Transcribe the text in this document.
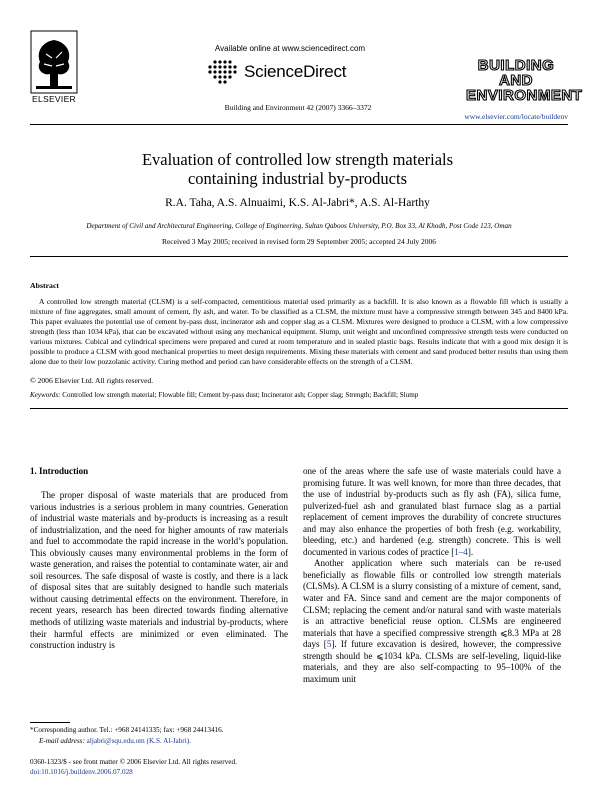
ELSEVIER
Available online at www.sciencedirect.com
ScienceDirect
Building and Environment 42 (2007) 3366–3372
BUILDING AND
ENVIRONMENT
www.elsevier.com/locate/buildenv
Evaluation of controlled low strength materials
containing industrial by-products
R.A. Taha, A.S. Alnuaimi, K.S. Al-Jabri*, A.S. Al-Harthy
Department of Civil and Architectural Engineering, College of Engineering, Sultan Qaboos University, P.O. Box 33, Al Khodh, Post Code 123, Oman
Received 3 May 2005; received in revised form 29 September 2005; accepted 24 July 2006
Abstract
A controlled low strength material (CLSM) is a self-compacted, cementitious material used primarily as a backfill. It is also known as a flowable fill which is usually a mixture of fine aggregates, small amount of cement, fly ash, and water. To be classified as a CLSM, the mixture must have a compressive strength between 345 and 8400 kPa. This paper evaluates the potential use of cement by-pass dust, incinerator ash and copper slag as a CLSM. Mixtures were designed to produce a CLSM, with a low compressive strength (less than 1034 kPa), that can be excavated without using any mechanical equipment. Slump, unit weight and unconfined compressive strength tests were conducted on various mixtures. Cubical and cylindrical specimens were prepared and cured at room temperature and in sealed plastic bags. Results indicate that with a good mix design it is possible to produce a CLSM with good mechanical properties to meet design requirements. Mixing these materials with cement and sand produced better results than using them alone due to their low pozzolanic activity. Curing method and period can have considerable effects on the strength of a CLSM.
© 2006 Elsevier Ltd. All rights reserved.
Keywords: Controlled low strength material; Flowable fill; Cement by-pass dust; Incinerator ash; Copper slag; Strength; Backfill; Slump
1. Introduction

The proper disposal of waste materials that are produced from various industries is a serious problem in many countries. Generation of industrial waste materials and by-products is increasing as a result of industrialization, and the need for higher amounts of raw materials and fuel to accommodate the rapid increase in the world’s population. This obviously causes many environmental problems in the form of waste generation, and raises the potential to contaminate water, air and soil resources. The safe disposal of waste is costly, and there is a lack of disposal sites that are suitably designed to handle such materials without causing detrimental effects on the environment. Therefore, in recent years, research has been directed towards finding alternative methods of utilizing waste materials and industrial by-products, where their harmful effects are minimized or even eliminated. The construction industry is

one of the areas where the safe use of waste materials could have a promising future. It was well known, for more than three decades, that the use of industrial by-products such as fly ash (FA), silica fume, pulverized-fuel ash and granulated blast furnace slag as a partial replacement of cement improves the durability of concrete structures and may also enhance the properties of both fresh (e.g. workability, bleeding, etc.) and hardened (e.g. strength) concrete. This is well documented in various codes of practice [1–4].

Another application where such materials can be re-used beneficially as flowable fills or controlled low strength materials (CLSMs). A CLSM is a slurry consisting of a mixture of cement, sand, water and FA. Since sand and cement are the major components of CLSM; replacing the cement and/or natural sand with waste materials is an attractive beneficial reuse option. CLSMs are engineered materials that have a specified compressive strength ⩽8.3 MPa at 28 days [5]. If future excavation is desired, however, the compressive strength should be ⩽1034 kPa. CLSMs are self-leveling, liquid-like materials, and they are also self-compacting to 95–100% of the maximum unit

*Corresponding author. Tel.: +968 24141335; fax: +968 24413416.
E-mail address: aljabri@squ.edu.om (K.S. Al-Jabri).
0360-1323/$ - see front matter © 2006 Elsevier Ltd. All rights reserved.
doi:10.1016/j.buildenv.2006.07.028
